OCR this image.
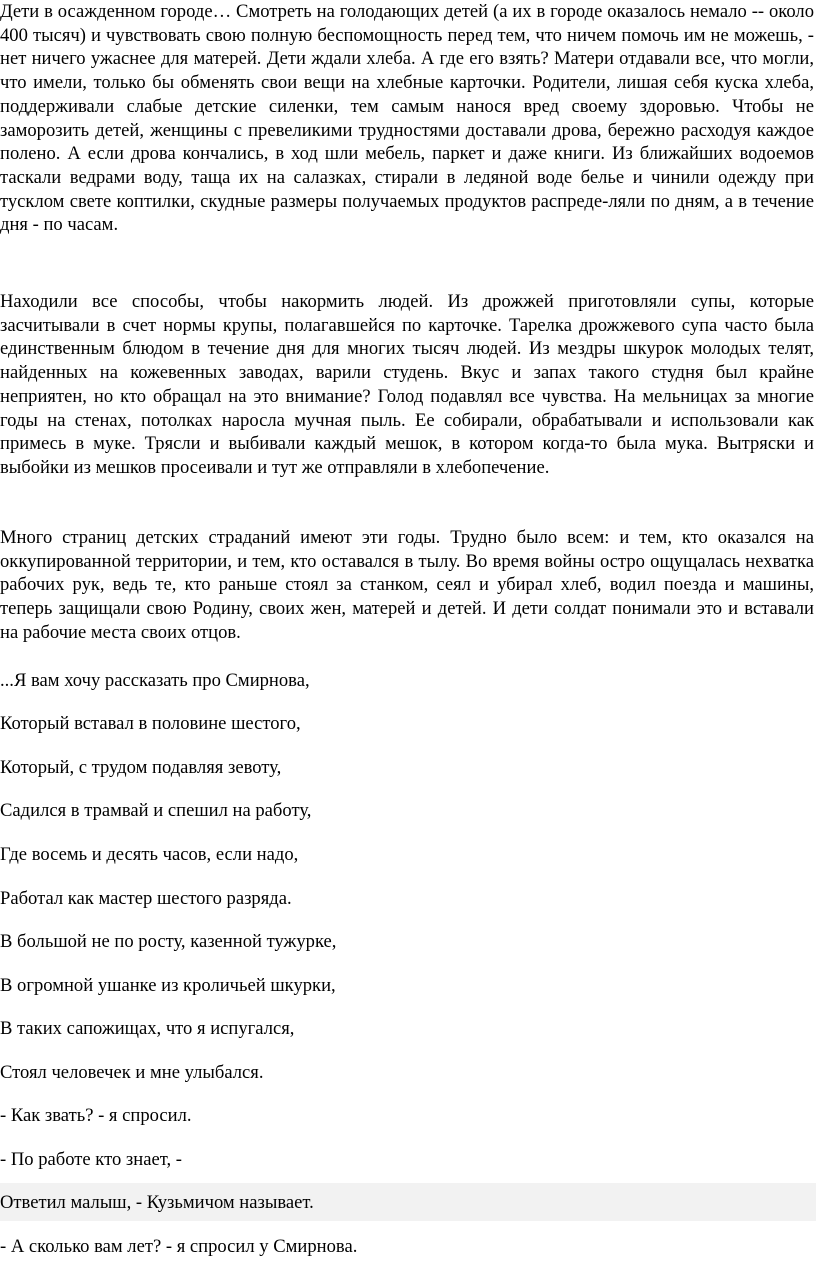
Дети в осажденном городе… Смотреть на голодающих детей (а их в городе оказалось немало -- около 400 тысяч) и чувствовать свою полную беспомощность перед тем, что ничем помочь им не можешь, - нет ничего ужаснее для матерей. Дети ждали хлеба. А где его взять? Матери отдавали все, что могли, что имели, только бы обменять свои вещи на хлебные карточки. Родители, лишая себя куска хлеба, поддерживали слабые детские силенки, тем самым нанося вред своему здоровью. Чтобы не заморозить детей, женщины с превеликими трудностями доставали дрова, бережно расходуя каждое полено. А если дрова кончались, в ход шли мебель, паркет и даже книги. Из ближайших водоемов таскали ведрами воду, таща их на салазках, стирали в ледяной воде белье и чинили одежду при тусклом свете коптилки, скудные размеры получаемых продуктов распреде-ляли по дням, а в течение дня - по часам.

Находили все способы, чтобы накормить людей. Из дрожжей приготовляли супы, которые засчитывали в счет нормы крупы, полагавшейся по карточке. Тарелка дрожжевого супа часто была единственным блюдом в течение дня для многих тысяч людей. Из мездры шкурок молодых телят, найденных на кожевенных заводах, варили студень. Вкус и запах такого студня был крайне неприятен, но кто обращал на это внимание? Голод подавлял все чувства. На мельницах за многие годы на стенах, потолках наросла мучная пыль. Ее собирали, обрабатывали и использовали как примесь в муке. Трясли и выбивали каждый мешок, в котором когда-то была мука. Вытряски и выбойки из мешков просеивали и тут же отправляли в хлебопечение.

Много страниц детских страданий имеют эти годы. Трудно было всем: и тем, кто оказался на оккупированной территории, и тем, кто оставался в тылу. Во время войны остро ощущалась нехватка рабочих рук, ведь те, кто раньше стоял за станком, сеял и убирал хлеб, водил поезда и машины, теперь защищали свою Родину, своих жен, матерей и детей. И дети солдат понимали это и вставали на рабочие места своих отцов.

...Я вам хочу рассказать про Смирнова,

Который вставал в половине шестого,

Который, с трудом подавляя зевоту,

Садился в трамвай и спешил на работу,

Где восемь и десять часов, если надо,

Работал как мастер шестого разряда.

В большой не по росту, казенной тужурке,

В огромной ушанке из кроличьей шкурки,

В таких сапожищах, что я испугался,

Стоял человечек и мне улыбался.

- Как звать? - я спросил.

- По работе кто знает, -

Ответил малыш, - Кузьмичом называет.

- А сколько вам лет? - я спросил у Смирнова.
